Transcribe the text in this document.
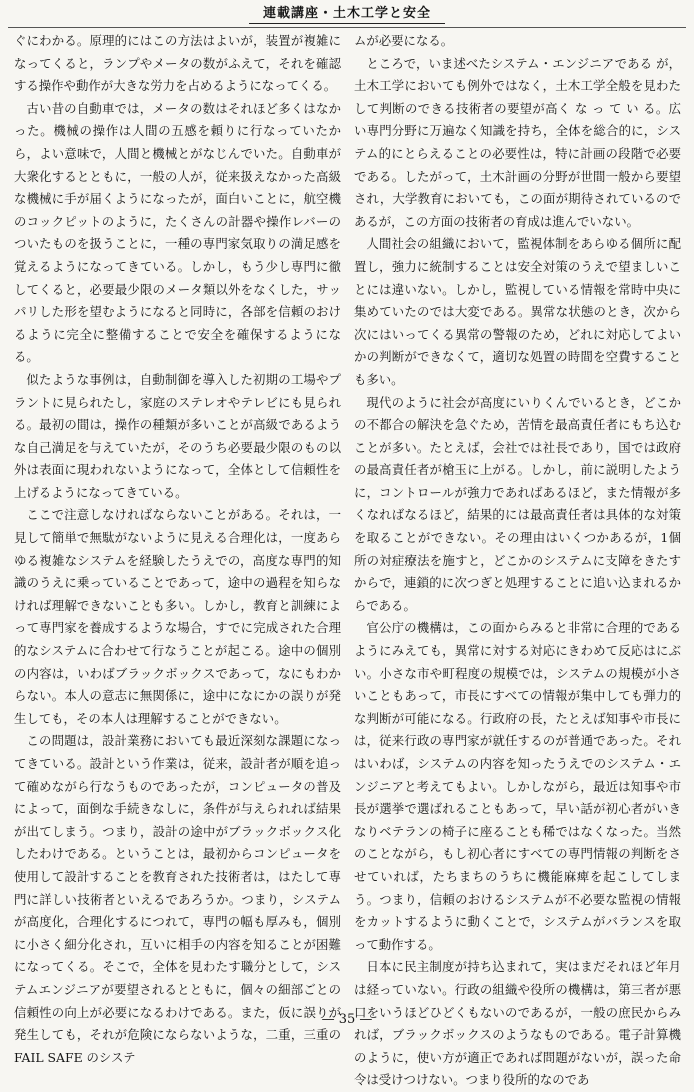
連載講座・土木工学と安全

ぐにわかる。原理的にはこの方法はよいが，装置が複雑になってくると，ランプやメータの数がふえて，それを確認する操作や動作が大きな労力を占めるようになってくる。

古い昔の自動車では，メータの数はそれほど多くはなかった。機械の操作は人間の五感を頼りに行なっていたから，よい意味で，人間と機械とがなじんでいた。自動車が大衆化するとともに，一般の人が，従来扱えなかった高級な機械に手が届くようになったが，面白いことに，航空機のコックピットのように，たくさんの計器や操作レバーのついたものを扱うことに，一種の専門家気取りの満足感を覚えるようになってきている。しかし，もう少し専門に徹してくると，必要最少限のメータ類以外をなくした，サッパリした形を望むようになると同時に，各部を信頼のおけるように完全に整備することで安全を確保するようになる。

似たような事例は，自動制御を導入した初期の工場やプラントに見られたし，家庭のステレオやテレビにも見られる。最初の間は，操作の種類が多いことが高級であるような自己満足を与えていたが，そのうち必要最少限のもの以外は表面に現われないようになって，全体として信頼性を上げるようになってきている。

ここで注意しなければならないことがある。それは，一見して簡単で無駄がないように見える合理化は，一度あらゆる複雑なシステムを経験したうえでの，高度な専門的知識のうえに乗っていることであって，途中の過程を知らなければ理解できないことも多い。しかし，教育と訓練によって専門家を養成するような場合，すでに完成された合理的なシステムに合わせて行なうことが起こる。途中の個別の内容は，いわばブラックボックスであって，なにもわからない。本人の意志に無関係に，途中になにかの誤りが発生しても，その本人は理解することができない。

この問題は，設計業務においても最近深刻な課題になってきている。設計という作業は，従来，設計者が順を追って確めながら行なうものであったが，コンピュータの普及によって，面倒な手続きなしに，条件が与えられれば結果が出てしまう。つまり，設計の途中がブラックボックス化したわけである。ということは，最初からコンピュータを使用して設計することを教育された技術者は，はたして専門に詳しい技術者といえるであろうか。つまり，システムが高度化，合理化するにつれて，専門の幅も厚みも，個別に小さく細分化され，互いに相手の内容を知ることが困難になってくる。そこで，全体を見わたす職分として，システムエンジニアが要望されるとともに，個々の細部ごとの信頼性の向上が必要になるわけである。また，仮に誤りが発生しても，それが危険にならないような，二重，三重の FAIL SAFE のシステ

ムが必要になる。

ところで，いま述べたシステム・エンジニアである が，土木工学においても例外ではなく，土木工学全般を見わたして判断のできる技術者の要望が高く な っ て い る。広い専門分野に万遍なく知識を持ち，全体を総合的に，システム的にとらえることの必要性は，特に計画の段階で必要である。したがって，土木計画の分野が世間一般から要望され，大学教育においても，この面が期待されているのであるが，この方面の技術者の育成は進んでいない。

人間社会の組織において，監視体制をあらゆる個所に配置し，強力に統制することは安全対策のうえで望ましいことには違いない。しかし，監視している情報を常時中央に集めていたのでは大変である。異常な状態のとき，次から次にはいってくる異常の警報のため，どれに対応してよいかの判断ができなくて，適切な処置の時間を空費することも多い。

現代のように社会が高度にいりくんでいるとき，どこかの不都合の解決を急ぐため，苦情を最高責任者にもち込むことが多い。たとえば，会社では社長であり，国では政府の最高責任者が槍玉に上がる。しかし，前に説明したように，コントロールが強力であればあるほど，また情報が多くなればなるほど，結果的には最高責任者は具体的な対策を取ることができない。その理由はいくつかあるが，1個所の対症療法を施すと，どこかのシステムに支障をきたすからで，連鎖的に次つぎと処理することに追い込まれるからである。

官公庁の機構は，この面からみると非常に合理的であるようにみえても，異常に対する対応にきわめて反応はにぶい。小さな市や町程度の規模では，システムの規模が小さいこともあって，市長にすべての情報が集中しても弾力的な判断が可能になる。行政府の長，たとえば知事や市長には，従来行政の専門家が就任するのが普通であった。それはいわば，システムの内容を知ったうえでのシステム・エンジニアと考えてもよい。しかしながら，最近は知事や市長が選挙で選ばれることもあって，早い話が初心者がいきなりベテランの椅子に座ることも稀ではなくなった。当然のことながら，もし初心者にすべての専門情報の判断をさせていれば，たちまちのうちに機能麻痺を起こしてしまう。つまり，信頼のおけるシステムが不必要な監視の情報をカットするように動くことで，システムがバランスを取って動作する。

日本に民主制度が持ち込まれて，実はまだそれほど年月は経っていない。行政の組織や役所の機構は，第三者が悪口をいうほどひどくもないのであるが，一般の庶民からみれば，ブラックボックスのようなものである。電子計算機のように，使い方が適正であれば問題がないが，誤った命令は受けつけない。つまり役所的なのであ

— 35 —
